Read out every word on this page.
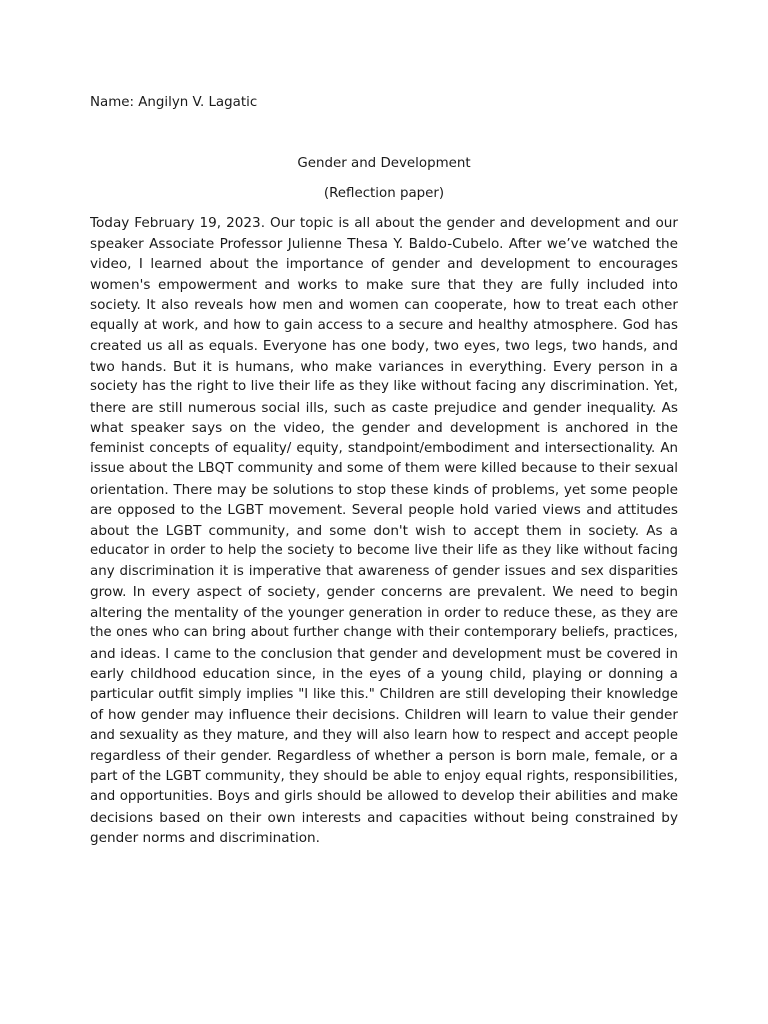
Name: Angilyn V. Lagatic
Gender and Development
(Reflection paper)
Today February 19, 2023. Our topic is all about the gender and development and our
speaker Associate Professor Julienne Thesa Y. Baldo-Cubelo. After we’ve watched the
video, I learned about the importance of gender and development to encourages
women's empowerment and works to make sure that they are fully included into
society. It also reveals how men and women can cooperate, how to treat each other
equally at work, and how to gain access to a secure and healthy atmosphere. God has
created us all as equals. Everyone has one body, two eyes, two legs, two hands, and
two hands. But it is humans, who make variances in everything. Every person in a
society has the right to live their life as they like without facing any discrimination. Yet,
there are still numerous social ills, such as caste prejudice and gender inequality. As
what speaker says on the video, the gender and development is anchored in the
feminist concepts of equality/ equity, standpoint/embodiment and intersectionality. An
issue about the LBQT community and some of them were killed because to their sexual
orientation. There may be solutions to stop these kinds of problems, yet some people
are opposed to the LGBT movement. Several people hold varied views and attitudes
about the LGBT community, and some don't wish to accept them in society. As a
educator in order to help the society to become live their life as they like without facing
any discrimination it is imperative that awareness of gender issues and sex disparities
grow. In every aspect of society, gender concerns are prevalent. We need to begin
altering the mentality of the younger generation in order to reduce these, as they are
the ones who can bring about further change with their contemporary beliefs, practices,
and ideas. I came to the conclusion that gender and development must be covered in
early childhood education since, in the eyes of a young child, playing or donning a
particular outfit simply implies "I like this." Children are still developing their knowledge
of how gender may influence their decisions. Children will learn to value their gender
and sexuality as they mature, and they will also learn how to respect and accept people
regardless of their gender. Regardless of whether a person is born male, female, or a
part of the LGBT community, they should be able to enjoy equal rights, responsibilities,
and opportunities. Boys and girls should be allowed to develop their abilities and make
decisions based on their own interests and capacities without being constrained by
gender norms and discrimination.
